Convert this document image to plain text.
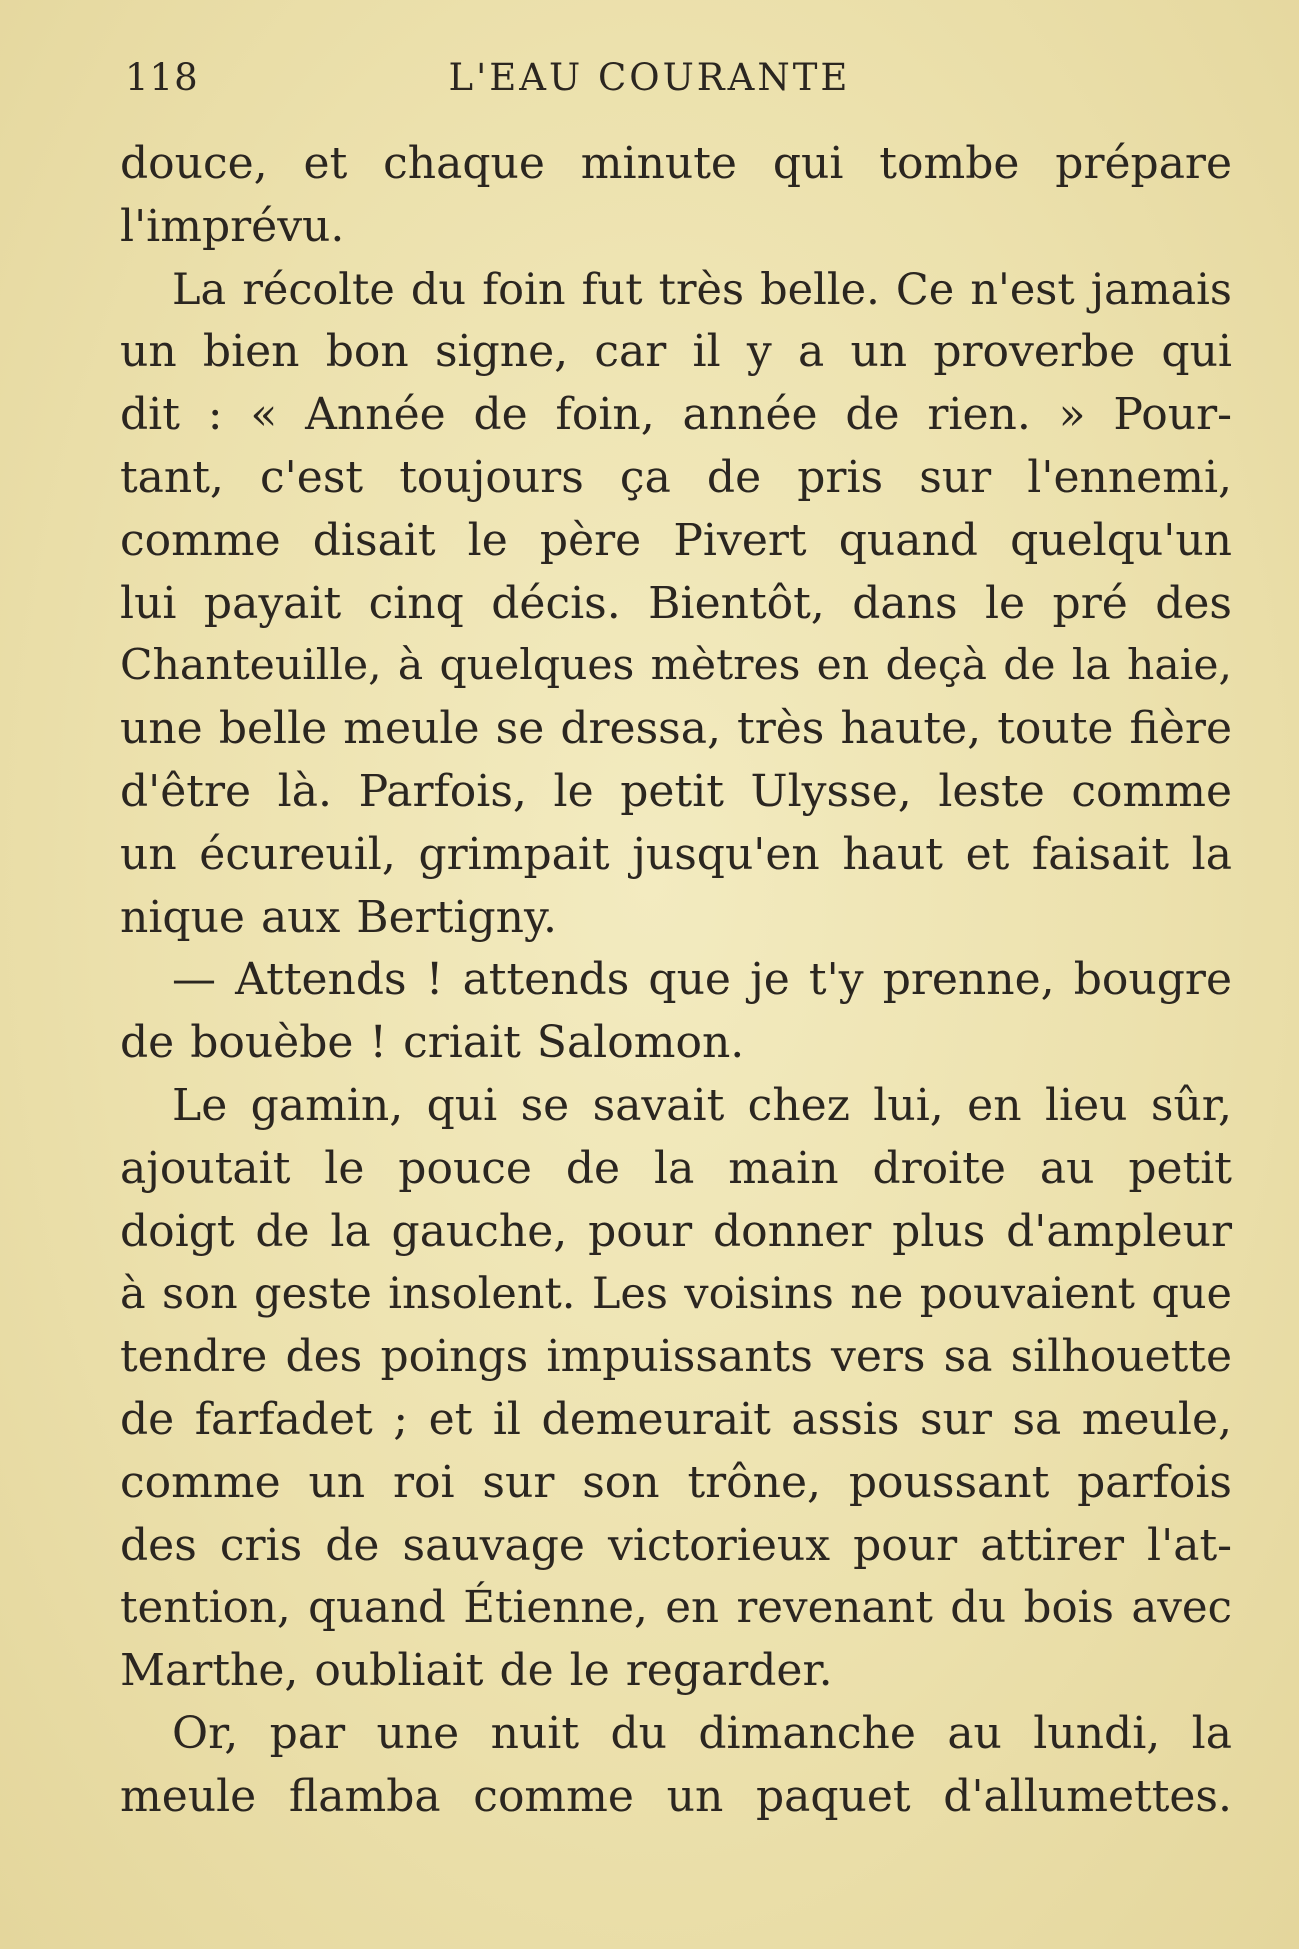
118	L'EAU COURANTE
douce, et chaque minute qui tombe prépare
l'imprévu.
La récolte du foin fut très belle. Ce n'est jamais
un bien bon signe, car il y a un proverbe qui
dit : « Année de foin, année de rien. » Pour-
tant, c'est toujours ça de pris sur l'ennemi,
comme disait le père Pivert quand quelqu'un
lui payait cinq décis. Bientôt, dans le pré des
Chanteuille, à quelques mètres en deçà de la haie,
une belle meule se dressa, très haute, toute fière
d'être là. Parfois, le petit Ulysse, leste comme
un écureuil, grimpait jusqu'en haut et faisait la
nique aux Bertigny.
— Attends ! attends que je t'y prenne, bougre
de bouèbe ! criait Salomon.
Le gamin, qui se savait chez lui, en lieu sûr,
ajoutait le pouce de la main droite au petit
doigt de la gauche, pour donner plus d'ampleur
à son geste insolent. Les voisins ne pouvaient que
tendre des poings impuissants vers sa silhouette
de farfadet ; et il demeurait assis sur sa meule,
comme un roi sur son trône, poussant parfois
des cris de sauvage victorieux pour attirer l'at-
tention, quand Étienne, en revenant du bois avec
Marthe, oubliait de le regarder.
Or, par une nuit du dimanche au lundi, la
meule flamba comme un paquet d'allumettes.
